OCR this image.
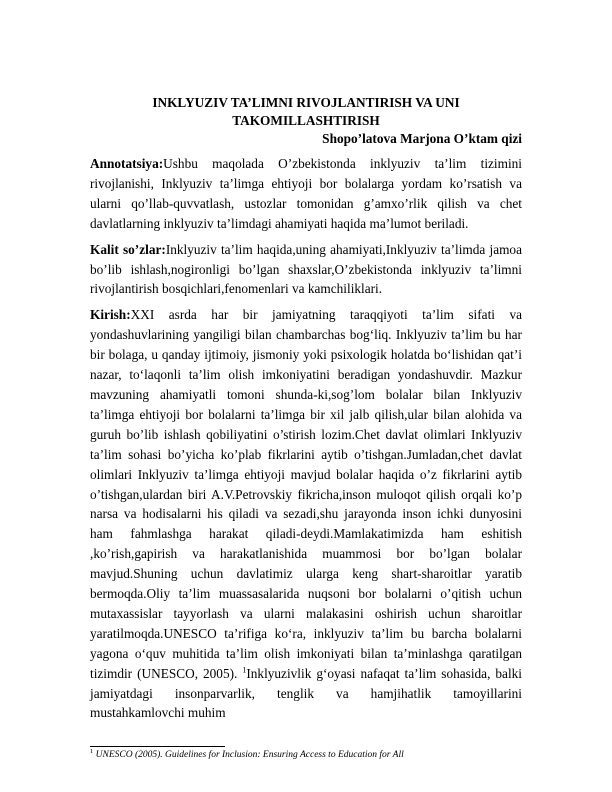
INKLYUZIV TA’LIMNI RIVOJLANTIRISH VA UNI
TAKOMILLASHTIRISH
Shopo’latova Marjona O’ktam qizi

Annotatsiya:Ushbu maqolada O’zbekistonda inklyuziv ta’lim tizimini rivojlanishi, Inklyuziv ta’limga ehtiyoji bor bolalarga yordam ko’rsatish va ularni qo’llab-quvvatlash, ustozlar tomonidan g’amxo’rlik qilish va chet davlatlarning inklyuziv ta’limdagi ahamiyati haqida ma’lumot beriladi.

Kalit so’zlar:Inklyuziv ta’lim haqida,uning ahamiyati,Inklyuziv ta’limda jamoa bo’lib ishlash,nogironligi bo’lgan shaxslar,O’zbekistonda inklyuziv ta’limni rivojlantirish bosqichlari,fenomenlari va kamchiliklari.

Kirish:XXI asrda har bir jamiyatning taraqqiyoti ta’lim sifati va yondashuvlarining yangiligi bilan chambarchas bog‘liq. Inklyuziv ta’lim bu har bir bolaga, u qanday ijtimoiy, jismoniy yoki psixologik holatda bo‘lishidan qat’i nazar, to‘laqonli ta’lim olish imkoniyatini beradigan yondashuvdir. Mazkur mavzuning ahamiyatli tomoni shunda-ki,sog’lom bolalar bilan Inklyuziv ta’limga ehtiyoji bor bolalarni ta’limga bir xil jalb qilish,ular bilan alohida va guruh bo’lib ishlash qobiliyatini o’stirish lozim.Chet davlat olimlari Inklyuziv ta’lim sohasi bo’yicha ko’plab fikrlarini aytib o’tishgan.Jumladan,chet davlat olimlari Inklyuziv ta’limga ehtiyoji mavjud bolalar haqida o’z fikrlarini aytib o’tishgan,ulardan biri A.V.Petrovskiy fikricha,inson muloqot qilish orqali ko’p narsa va hodisalarni his qiladi va sezadi,shu jarayonda inson ichki dunyosini ham fahmlashga harakat qiladi-deydi.Mamlakatimizda ham eshitish ,ko’rish,gapirish va harakatlanishida muammosi bor bo’lgan bolalar mavjud.Shuning uchun davlatimiz ularga keng shart-sharoitlar yaratib bermoqda.Oliy ta’lim muassasalarida nuqsoni bor bolalarni o’qitish uchun mutaxassislar tayyorlash va ularni malakasini oshirish uchun sharoitlar yaratilmoqda.UNESCO ta’rifiga ko‘ra, inklyuziv ta’lim bu barcha bolalarni yagona o‘quv muhitida ta’lim olish imkoniyati bilan ta’minlashga qaratilgan tizimdir (UNESCO, 2005). $^1$Inklyuzivlik g‘oyasi nafaqat ta’lim sohasida, balki jamiyatdagi insonparvarlik, tenglik va hamjihatlik tamoyillarini mustahkamlovchi muhim

$^1$ UNESCO (2005). Guidelines for Inclusion: Ensuring Access to Education for All
